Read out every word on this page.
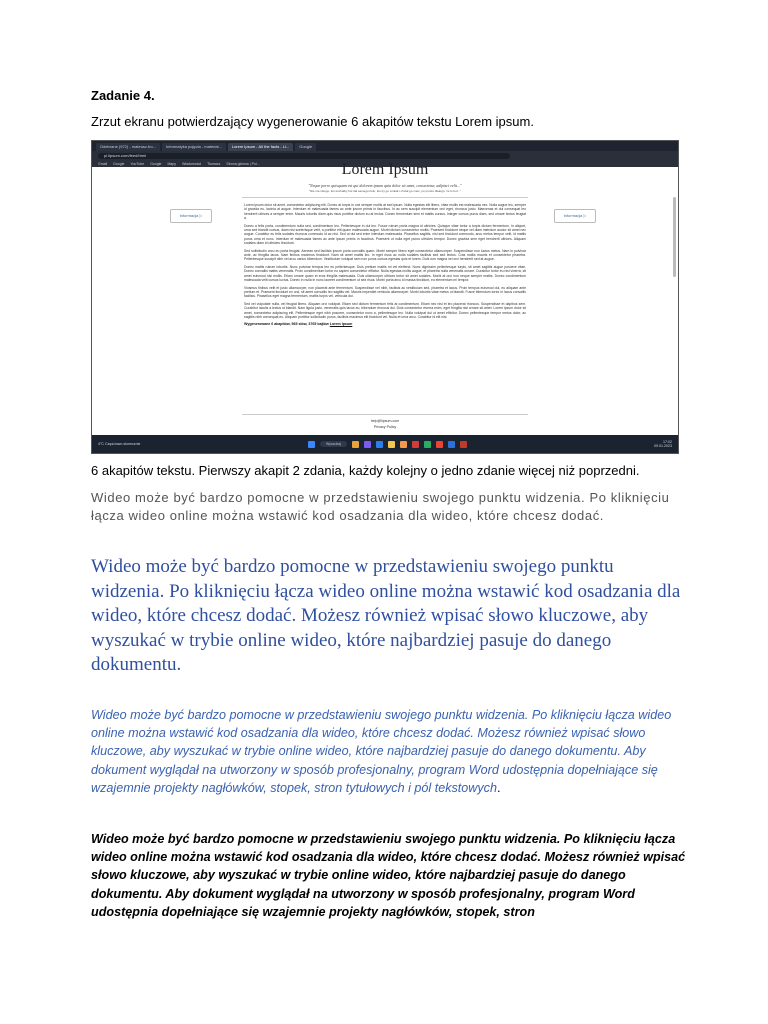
Zadanie 4.
Zrzut ekranu potwierdzający wygenerowanie 6 akapitów tekstu Lorem ipsum.
Odebrane (972) - mateusz.tro...	Informatyka pojęcia - materiał...	Lorem Ipsum - All the facts - Li...	Google
pl.lipsum.com/feed/html
Gmail Google YouTube Google Mapy Wiadomości Tłumacz Strona główna | Pol...	Lorem Ipsum
"Neque porro quisquam est qui dolorem ipsum quia dolor sit amet, consectetur, adipisci velit..."
"Nie ma nikogo, kto kochałby ból dla samego bólu, kto by go szukał i chciał go mieć, po prostu dlatego, że to ból..."
Informacja ▷	Informacja ▷
Lorem ipsum dolor sit amet, consectetur adipiscing elit. Donec at turpis in orci semper mollis at sed ipsum. Nulla egestas elit libero, vitae mollis est malesuada nec. Nulla augue leo, semper id gravida eu, lacinia at augue. Interdum et malesuada fames ac ante ipsum primis in faucibus. In ac sem suscipit elementum orci eget, rhoncus justo. Maecenas et dui consequat leo hendrerit ultrices a semper enim. Mauris lobortis diam quis risus porttitor dictum eu at lectus. Donec fermentum sem et mattis cursus. Integer cursus purus diam, sed ornare lectus feugiat a.
Donec a felis porta, condimentum nulla sed, condimentum leo. Pellentesque in dui leo. Fusce rutrum porta magna id ultricies. Quisque vitae tortor a turpis dictum fermentum. In aliquet, urna sed blandit cursus, diam nisi scelerisque velit, a porttitor elit quam malesuada augue. Morbi dictum consectetur mollis. Praesent tincidunt neque vel diam interdum auctor sit amet nec augue. Curabitur eu felis sodales rhoncus commodo id ac nisl. Sed ut dui sed enim interdum malesuada. Phasellus sagittis, nisl sed tincidunt commodo, arcu metus tempor velit, id mattis purus urna et nunc. Interdum et malesuada fames ac ante ipsum primis in faucibus. Praesent ut nulla eget purus ultricies tempor. Donec gravida sem eget hendrerit ultrices. Aliquam sodales diam id ultricies tincidunt.
Sed sollicitudin arcu eu porta feugiat. Aenean sed facilisis ipsum porta convallis quam. Morbi semper libero eget consectetur ullamcorper. Suspendisse non luctus metus. Nam in pulvinar ante, ac fringilla lacus. Nam finibus maximus tincidunt. Nam sit amet mattis leo. In eget risus ac nulla sodales facilisis sed sed lectus. Cras mollis mauris et consectetur pharetra. Pellentesque suscipit nibh vel arcu varius bibendum. Vestibulum volutpat sem non purus cursus egestas quis et lorem. Duis non magna vel orci hendrerit sed at augue.
Donec mattis rutrum lobortis. Nunc pulvinar tempus leo eu pellentesque. Duis pretium mattis mi vel eleifend. Nunc dignissim pellentesque turpis, sit amet sagittis augue posuere vitae. Donec convallis mattis venenatis. Proin condimentum tortor eu sapien consectetur efficitur. Nulla egestas mollis augue, et pharetra nulla venenatis ornare. Curabitur tortor eu nisi viverra, sit amet euismod nisi mollis. Etiam ornare quam et eros fringilla malesuada. Duis ullamcorper ultrices tortor sit amet sodales. Morbi at orci non neque semper mattis. Donec condimentum malesuada velit cursus luctus. Donec in nulla in nunc laoreet condimentum ut sed risus. Morbi porta arcu id massa tincidunt, eu elementum mi tempor.
Vivamus finibus velit et justo ullamcorper, non placerat ante fermentum. Suspendisse vel nibh, facilisis ac vestibulum sed, pharetra et lacus. Proin tempus euismod dui, eu aliquam ante pretium et. Praesent tincidunt ex orci, sit amet convallis leo sagittis vel. Mauris imperdiet vehicula ullamcorper. Morbi lobortis vitae metus ut blandit. Fusce bibendum tortor in lacus convallis facilisis. Phasellus eget magna fermentum, mattis turpis vel, vehicula dui.
Sed vel vulputate nulla, vel feugiat libero. Aliquam orci volutpat. Etiam sed dictum fermentum felis at condimentum. Etiam nec nisl et leo placerat rhoncus. Suspendisse et dapibus sem. Curabitur iaculis a lectus ut blandit. Nam ligula justo, venenatis quis lacus eu, bibendum rhoncus dui. Duis consectetur viverra enim, eget fringilla nisl ornare sit amet. Lorem ipsum dolor sit amet, consectetur adipiscing elit. Pellentesque eget nibh posuere, consectetur nunc a, pellentesque leo. Nulla volutpat dui ut amet efficitur. Donec pellentesque tempor metus dolor, ac sagittis nibh consequat eu. Aliquam porttitor sollicitudin purus, facilisis maximus elit tincidunt vel. Nulla et urna arcu. Curabitur id elit nisi.
Wygenerowane 6 akapitów, 565 słów, 3765 bajtów Lorem Ipsum
help@lipsum.com
Privacy Policy
4°C Częściowo słonecznie	Wyszukaj
17:02
09.01.2023
6 akapitów tekstu. Pierwszy akapit 2 zdania, każdy kolejny o jedno zdanie więcej niż poprzedni.
Wideo może być bardzo pomocne w przedstawieniu swojego punktu widzenia. Po kliknięciu łącza wideo online można wstawić kod osadzania dla wideo, które chcesz dodać.
Wideo może być bardzo pomocne w przedstawieniu swojego punktu widzenia. Po kliknięciu łącza wideo online można wstawić kod osadzania dla wideo, które chcesz dodać. Możesz również wpisać słowo kluczowe, aby wyszukać w trybie online wideo, które najbardziej pasuje do danego dokumentu.
Wideo może być bardzo pomocne w przedstawieniu swojego punktu widzenia. Po kliknięciu łącza wideo online można wstawić kod osadzania dla wideo, które chcesz dodać. Możesz również wpisać słowo kluczowe, aby wyszukać w trybie online wideo, które najbardziej pasuje do danego dokumentu. Aby dokument wyglądał na utworzony w sposób profesjonalny, program Word udostępnia dopełniające się wzajemnie projekty nagłówków, stopek, stron tytułowych i pól tekstowych.
Wideo może być bardzo pomocne w przedstawieniu swojego punktu widzenia. Po kliknięciu łącza wideo online można wstawić kod osadzania dla wideo, które chcesz dodać. Możesz również wpisać słowo kluczowe, aby wyszukać w trybie online wideo, które najbardziej pasuje do danego dokumentu. Aby dokument wyglądał na utworzony w sposób profesjonalny, program Word udostępnia dopełniające się wzajemnie projekty nagłówków, stopek, stron
